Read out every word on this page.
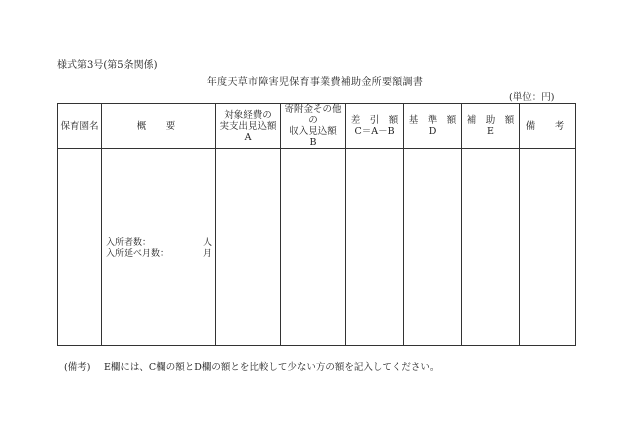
様式第3号(第5条関係)
年度天草市障害児保育事業費補助金所要額調書
(単位：円)
保育園名	概　要	対象経費の
実支出見込額
A	寄附金その他の
収入見込額
B	差　引　額
C＝A－B	基　準　額
D	補　助　額
E	備　考

	入所者数： 人
入所延べ月数： 月						

(備考) E欄には、C欄の額とD欄の額とを比較して少ない方の額を記入してください。
